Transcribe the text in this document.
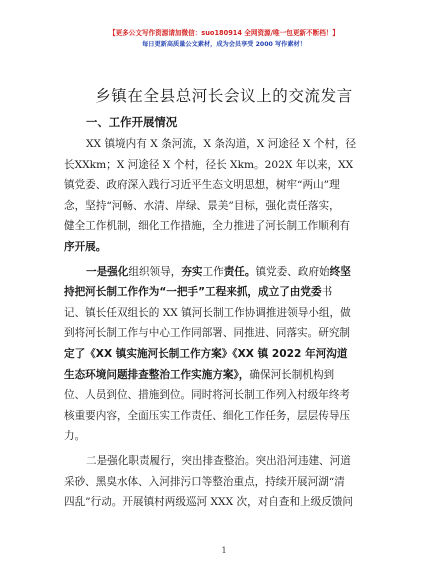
【更多公文写作资源请加微信：suo180914 全网资源/唯一包更新不断档！】
每日更新高质量公文素材，成为会员享受 2000 写作素材！
乡镇在全县总河长会议上的交流发言
一、工作开展情况

XX 镇境内有 X 条河流，X 条沟道，X 河途径 X 个村，径
长XXkm；X 河途径 X 个村，径长 Xkm。202X 年以来，XX
镇党委、政府深入践行习近平生态文明思想，树牢“两山”理
念，坚持“河畅、水清、岸绿、景美”目标，强化责任落实，
健全工作机制，细化工作措施，全力推进了河长制工作顺利有
序开展。

一是强化组织领导，夯实工作责任。镇党委、政府始终坚
持把河长制工作作为“一把手”工程来抓，成立了由党委书
记、镇长任双组长的 XX 镇河长制工作协调推进领导小组，做
到将河长制工作与中心工作同部署、同推进、同落实。研究制
定了《XX 镇实施河长制工作方案》《XX 镇 2022 年河沟道
生态环境问题排查整治工作实施方案》，确保河长制机构到
位、人员到位、措施到位。同时将河长制工作列入村级年终考
核重要内容，全面压实工作责任、细化工作任务，层层传导压
力。

二是强化职责履行，突出排查整治。突出沿河违建、河道
采砂、黑臭水体、入河排污口等整治重点，持续开展河湖“清
四乱”行动。开展镇村两级巡河 XXX 次，对自查和上级反馈问

1
